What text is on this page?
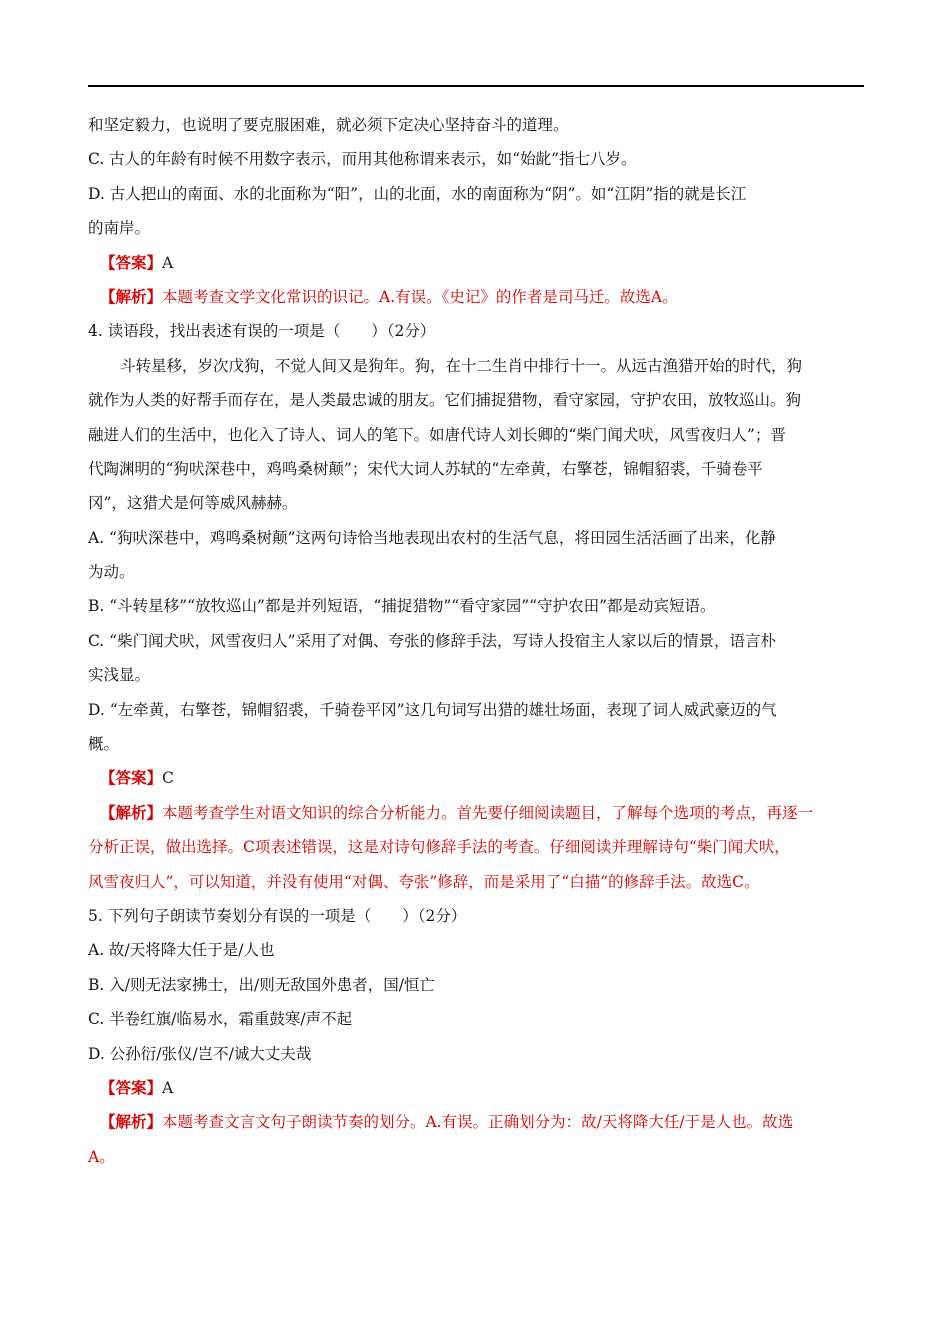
和坚定毅力，也说明了要克服困难，就必须下定决心坚持奋斗的道理。
C. 古人的年龄有时候不用数字表示，而用其他称谓来表示，如“始龀”指七八岁。
D. 古人把山的南面、水的北面称为“阳”，山的北面，水的南面称为“阴”。如“江阴”指的就是长江
的南岸。
【答案】A
【解析】本题考查文学文化常识的识记。A.有误。《史记》的作者是司马迁。故选A。
4. 读语段，找出表述有误的一项是（　　）（2分）
斗转星移，岁次戊狗，不觉人间又是狗年。狗，在十二生肖中排行十一。从远古渔猎开始的时代，狗
就作为人类的好帮手而存在，是人类最忠诚的朋友。它们捕捉猎物，看守家园，守护农田，放牧巡山。狗
融进人们的生活中，也化入了诗人、词人的笔下。如唐代诗人刘长卿的“柴门闻犬吠，风雪夜归人”；晋
代陶渊明的“狗吠深巷中，鸡鸣桑树颠”；宋代大词人苏轼的“左牵黄，右擎苍，锦帽貂裘，千骑卷平
冈”，这猎犬是何等威风赫赫。
A. “狗吠深巷中，鸡鸣桑树颠”这两句诗恰当地表现出农村的生活气息，将田园生活活画了出来，化静
为动。
B. “斗转星移”“放牧巡山”都是并列短语，“捕捉猎物”“看守家园”“守护农田”都是动宾短语。
C. “柴门闻犬吠，风雪夜归人”采用了对偶、夸张的修辞手法，写诗人投宿主人家以后的情景，语言朴
实浅显。
D. “左牵黄，右擎苍，锦帽貂裘，千骑卷平冈”这几句词写出猎的雄壮场面，表现了词人威武豪迈的气
概。
【答案】C
【解析】本题考查学生对语文知识的综合分析能力。首先要仔细阅读题目，了解每个选项的考点，再逐一
分析正误，做出选择。C项表述错误，这是对诗句修辞手法的考查。仔细阅读并理解诗句“柴门闻犬吠，
风雪夜归人”，可以知道，并没有使用“对偶、夸张”修辞，而是采用了“白描”的修辞手法。故选C。
5. 下列句子朗读节奏划分有误的一项是（　　）（2分）
A. 故/天将降大任于是/人也
B. 入/则无法家拂士，出/则无敌国外患者，国/恒亡
C. 半卷红旗/临易水，霜重鼓寒/声不起
D. 公孙衍/张仪/岂不/诚大丈夫哉
【答案】A
【解析】本题考查文言文句子朗读节奏的划分。A.有误。正确划分为：故/天将降大任/于是人也。故选
A。
